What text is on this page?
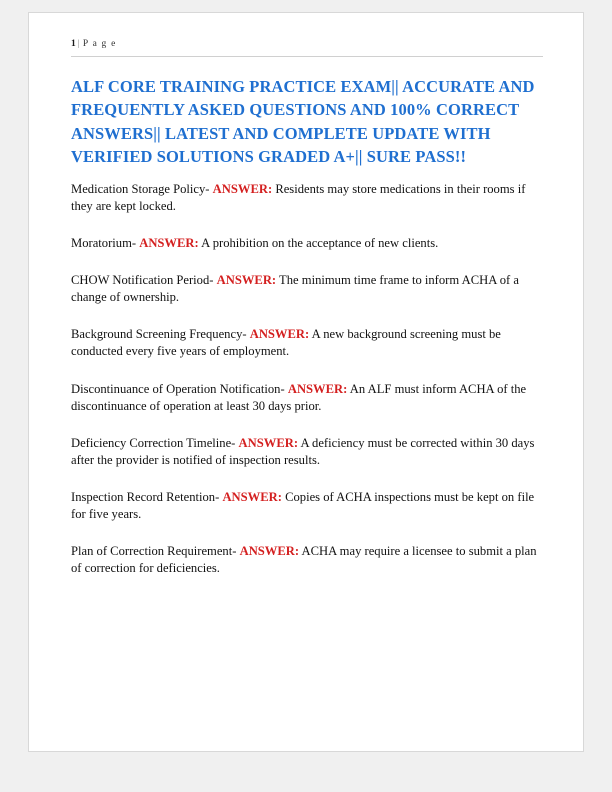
1 | P a g e
ALF CORE TRAINING PRACTICE EXAM|| ACCURATE AND FREQUENTLY ASKED QUESTIONS AND 100% CORRECT ANSWERS|| LATEST AND COMPLETE UPDATE WITH VERIFIED SOLUTIONS GRADED A+|| SURE PASS!!

Medication Storage Policy- ANSWER: Residents may store medications in their rooms if they are kept locked.

Moratorium- ANSWER: A prohibition on the acceptance of new clients.

CHOW Notification Period- ANSWER: The minimum time frame to inform ACHA of a change of ownership.

Background Screening Frequency- ANSWER: A new background screening must be conducted every five years of employment.

Discontinuance of Operation Notification- ANSWER: An ALF must inform ACHA of the discontinuance of operation at least 30 days prior.

Deficiency Correction Timeline- ANSWER: A deficiency must be corrected within 30 days after the provider is notified of inspection results.

Inspection Record Retention- ANSWER: Copies of ACHA inspections must be kept on file for five years.

Plan of Correction Requirement- ANSWER: ACHA may require a licensee to submit a plan of correction for deficiencies.
